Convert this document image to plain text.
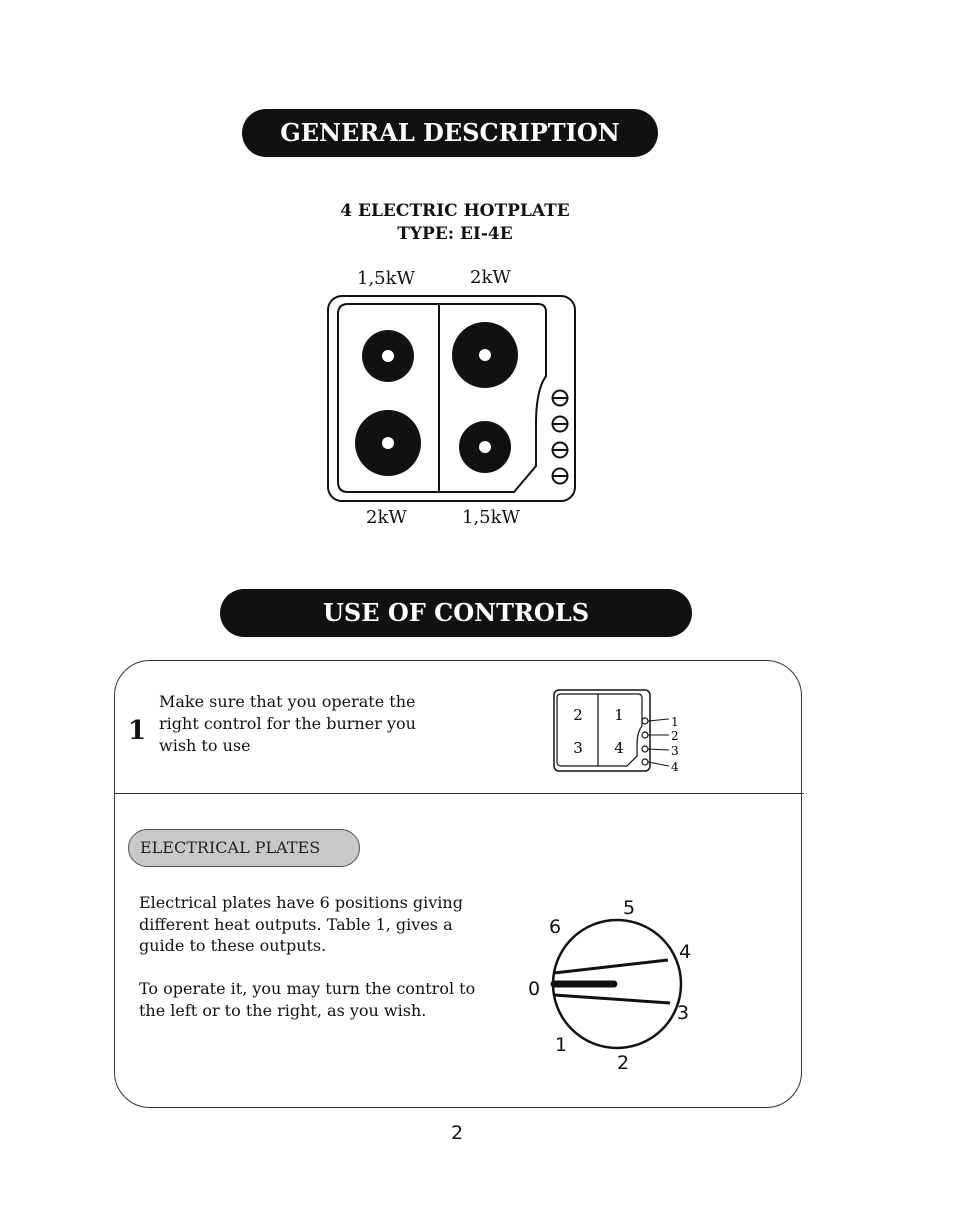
GENERAL DESCRIPTION
4 ELECTRIC HOTPLATE
TYPE: EI-4E
1,5kW	2kW
2kW	1,5kW
USE OF CONTROLS
1
Make sure that you operate the right control for the burner you wish to use
2 1
3 4
1
2
3
4
ELECTRICAL PLATES
Electrical plates have 6 positions giving different heat outputs. Table 1, gives a guide to these outputs.
To operate it, you may turn the control to the left or to the right, as you wish.
0
1
2
3
4
5
6
2
